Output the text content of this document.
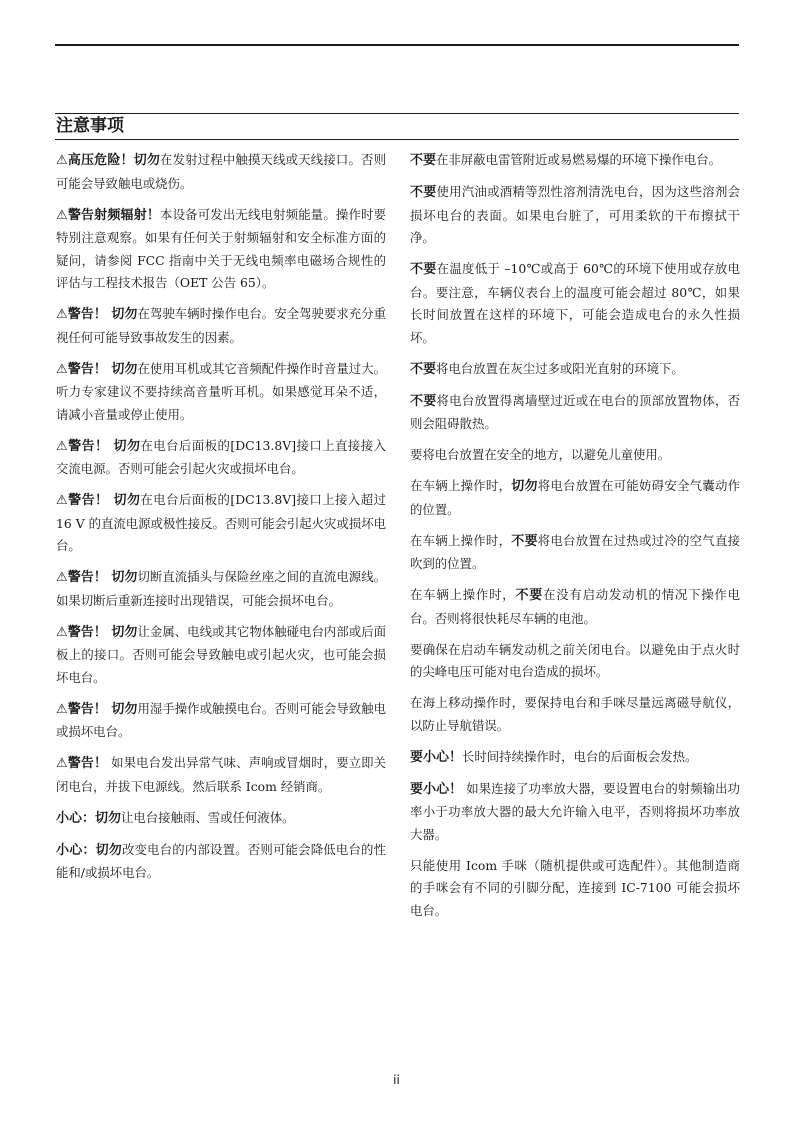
注意事项

⚠高压危险！切勿在发射过程中触摸天线或天线接口。否则可能会导致触电或烧伤。

⚠警告射频辐射！本设备可发出无线电射频能量。操作时要特别注意观察。如果有任何关于射频辐射和安全标准方面的疑问，请参阅 FCC 指南中关于无线电频率电磁场合规性的评估与工程技术报告（OET 公告 65）。

⚠警告！ 切勿在驾驶车辆时操作电台。安全驾驶要求充分重视任何可能导致事故发生的因素。

⚠警告！ 切勿在使用耳机或其它音频配件操作时音量过大。听力专家建议不要持续高音量听耳机。如果感觉耳朵不适，请减小音量或停止使用。

⚠警告！ 切勿在电台后面板的[DC13.8V]接口上直接接入交流电源。否则可能会引起火灾或损坏电台。

⚠警告！ 切勿在电台后面板的[DC13.8V]接口上接入超过 16 V 的直流电源或极性接反。否则可能会引起火灾或损坏电台。

⚠警告！ 切勿切断直流插头与保险丝座之间的直流电源线。如果切断后重新连接时出现错误，可能会损坏电台。

⚠警告！ 切勿让金属、电线或其它物体触碰电台内部或后面板上的接口。否则可能会导致触电或引起火灾，也可能会损坏电台。

⚠警告！ 切勿用湿手操作或触摸电台。否则可能会导致触电或损坏电台。

⚠警告！ 如果电台发出异常气味、声响或冒烟时，要立即关闭电台，并拔下电源线。然后联系 Icom 经销商。

小心：切勿让电台接触雨、雪或任何液体。

小心：切勿改变电台的内部设置。否则可能会降低电台的性能和/或损坏电台。

不要在非屏蔽电雷管附近或易燃易爆的环境下操作电台。

不要使用汽油或酒精等烈性溶剂清洗电台，因为这些溶剂会损坏电台的表面。如果电台脏了，可用柔软的干布擦拭干净。

不要在温度低于 –10℃或高于 60℃的环境下使用或存放电台。要注意，车辆仪表台上的温度可能会超过 80℃，如果长时间放置在这样的环境下，可能会造成电台的永久性损坏。

不要将电台放置在灰尘过多或阳光直射的环境下。

不要将电台放置得离墙壁过近或在电台的顶部放置物体，否则会阻碍散热。

要将电台放置在安全的地方，以避免儿童使用。

在车辆上操作时，切勿将电台放置在可能妨碍安全气囊动作的位置。

在车辆上操作时，不要将电台放置在过热或过冷的空气直接吹到的位置。

在车辆上操作时，不要在没有启动发动机的情况下操作电台。否则将很快耗尽车辆的电池。

要确保在启动车辆发动机之前关闭电台。以避免由于点火时的尖峰电压可能对电台造成的损坏。

在海上移动操作时，要保持电台和手咪尽量远离磁导航仪，以防止导航错误。

要小心！长时间持续操作时，电台的后面板会发热。

要小心！ 如果连接了功率放大器，要设置电台的射频输出功率小于功率放大器的最大允许输入电平，否则将损坏功率放大器。

只能使用 Icom 手咪（随机提供或可选配件）。其他制造商的手咪会有不同的引脚分配，连接到 IC-7100 可能会损坏电台。

ii
